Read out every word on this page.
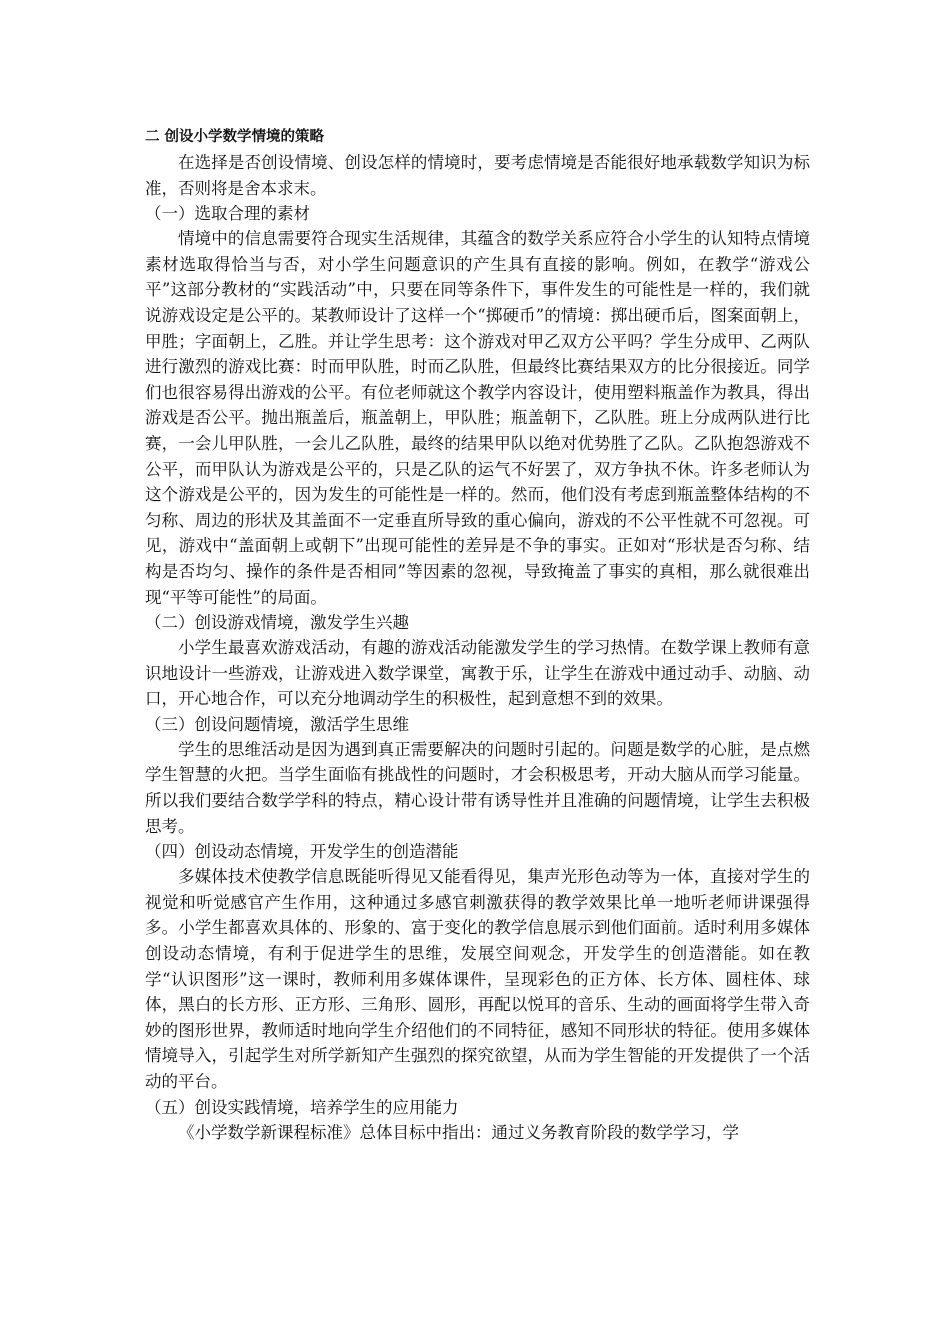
二 创设小学数学情境的策略

在选择是否创设情境、创设怎样的情境时，要考虑情境是否能很好地承载数学知识为标准，否则将是舍本求末。

（一）选取合理的素材

情境中的信息需要符合现实生活规律，其蕴含的数学关系应符合小学生的认知特点情境素材选取得恰当与否，对小学生问题意识的产生具有直接的影响。例如，在教学“游戏公平”这部分教材的“实践活动”中，只要在同等条件下，事件发生的可能性是一样的，我们就说游戏设定是公平的。某教师设计了这样一个“掷硬币”的情境：掷出硬币后，图案面朝上，甲胜；字面朝上，乙胜。并让学生思考：这个游戏对甲乙双方公平吗？学生分成甲、乙两队进行激烈的游戏比赛：时而甲队胜，时而乙队胜，但最终比赛结果双方的比分很接近。同学们也很容易得出游戏的公平。有位老师就这个教学内容设计，使用塑料瓶盖作为教具，得出游戏是否公平。抛出瓶盖后，瓶盖朝上，甲队胜；瓶盖朝下，乙队胜。班上分成两队进行比赛，一会儿甲队胜，一会儿乙队胜，最终的结果甲队以绝对优势胜了乙队。乙队抱怨游戏不公平，而甲队认为游戏是公平的，只是乙队的运气不好罢了，双方争执不休。许多老师认为这个游戏是公平的，因为发生的可能性是一样的。然而，他们没有考虑到瓶盖整体结构的不匀称、周边的形状及其盖面不一定垂直所导致的重心偏向，游戏的不公平性就不可忽视。可见，游戏中“盖面朝上或朝下”出现可能性的差异是不争的事实。正如对“形状是否匀称、结构是否均匀、操作的条件是否相同”等因素的忽视，导致掩盖了事实的真相，那么就很难出现“平等可能性”的局面。

（二）创设游戏情境，激发学生兴趣

小学生最喜欢游戏活动，有趣的游戏活动能激发学生的学习热情。在数学课上教师有意识地设计一些游戏，让游戏进入数学课堂，寓教于乐，让学生在游戏中通过动手、动脑、动口，开心地合作，可以充分地调动学生的积极性，起到意想不到的效果。

（三）创设问题情境，激活学生思维

学生的思维活动是因为遇到真正需要解决的问题时引起的。问题是数学的心脏，是点燃学生智慧的火把。当学生面临有挑战性的问题时，才会积极思考，开动大脑从而学习能量。所以我们要结合数学学科的特点，精心设计带有诱导性并且准确的问题情境，让学生去积极思考。

（四）创设动态情境，开发学生的创造潜能

多媒体技术使教学信息既能听得见又能看得见，集声光形色动等为一体，直接对学生的视觉和听觉感官产生作用，这种通过多感官刺激获得的教学效果比单一地听老师讲课强得多。小学生都喜欢具体的、形象的、富于变化的教学信息展示到他们面前。适时利用多媒体创设动态情境，有利于促进学生的思维，发展空间观念，开发学生的创造潜能。如在教学“认识图形”这一课时，教师利用多媒体课件，呈现彩色的正方体、长方体、圆柱体、球体，黑白的长方形、正方形、三角形、圆形，再配以悦耳的音乐、生动的画面将学生带入奇妙的图形世界，教师适时地向学生介绍他们的不同特征，感知不同形状的特征。使用多媒体情境导入，引起学生对所学新知产生强烈的探究欲望，从而为学生智能的开发提供了一个活动的平台。

（五）创设实践情境，培养学生的应用能力

《小学数学新课程标准》总体目标中指出：通过义务教育阶段的数学学习，学
